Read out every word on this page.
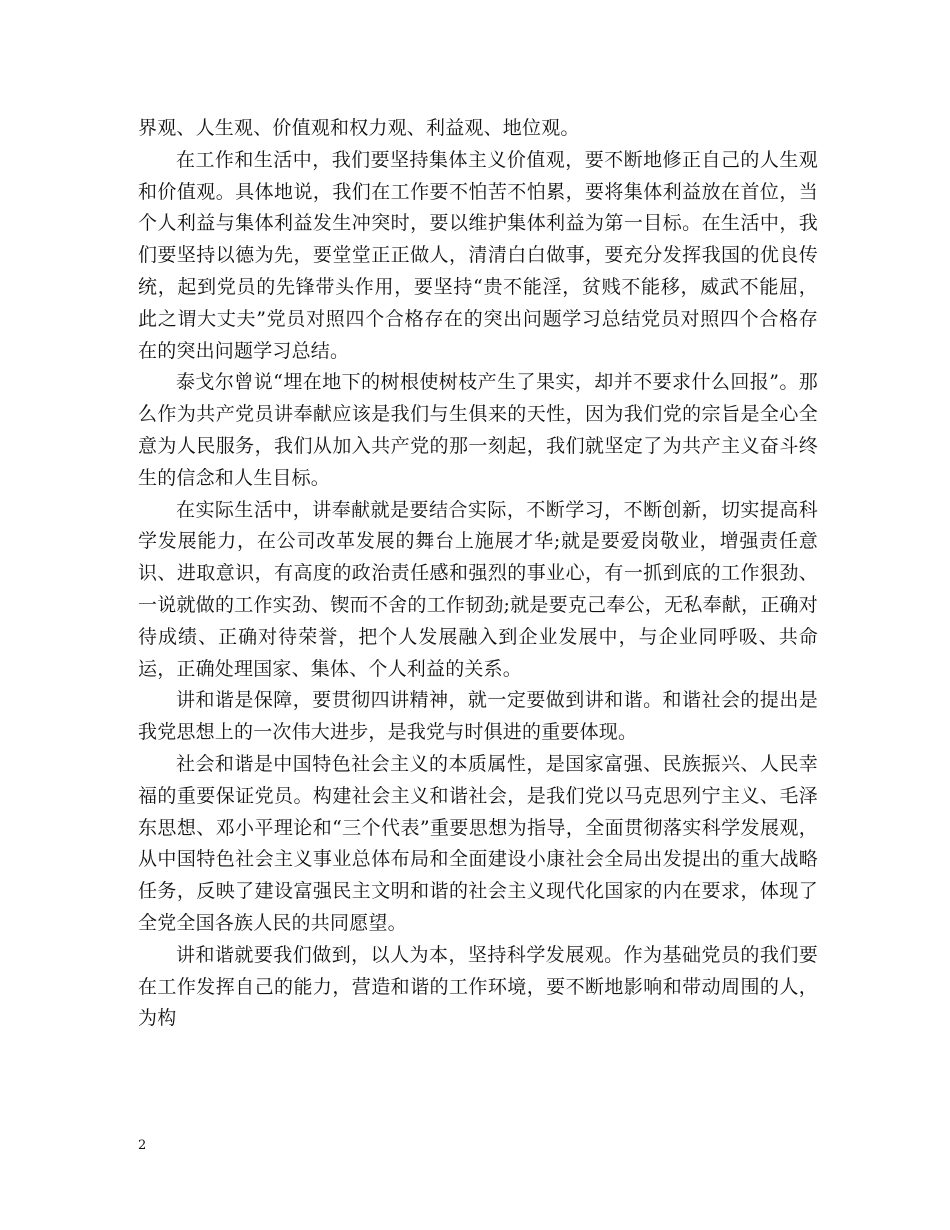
界观、人生观、价值观和权力观、利益观、地位观。

在工作和生活中，我们要坚持集体主义价值观，要不断地修正自己的人生观和价值观。具体地说，我们在工作要不怕苦不怕累，要将集体利益放在首位，当个人利益与集体利益发生冲突时，要以维护集体利益为第一目标。在生活中，我们要坚持以德为先，要堂堂正正做人，清清白白做事，要充分发挥我国的优良传统，起到党员的先锋带头作用，要坚持“贵不能淫，贫贱不能移，威武不能屈，此之谓大丈夫”党员对照四个合格存在的突出问题学习总结党员对照四个合格存在的突出问题学习总结。

泰戈尔曾说“埋在地下的树根使树枝产生了果实，却并不要求什么回报”。那么作为共产党员讲奉献应该是我们与生俱来的天性，因为我们党的宗旨是全心全意为人民服务，我们从加入共产党的那一刻起，我们就坚定了为共产主义奋斗终生的信念和人生目标。

在实际生活中，讲奉献就是要结合实际，不断学习，不断创新，切实提高科学发展能力，在公司改革发展的舞台上施展才华;就是要爱岗敬业，增强责任意识、进取意识，有高度的政治责任感和强烈的事业心，有一抓到底的工作狠劲、一说就做的工作实劲、锲而不舍的工作韧劲;就是要克己奉公，无私奉献，正确对待成绩、正确对待荣誉，把个人发展融入到企业发展中，与企业同呼吸、共命运，正确处理国家、集体、个人利益的关系。

讲和谐是保障，要贯彻四讲精神，就一定要做到讲和谐。和谐社会的提出是我党思想上的一次伟大进步，是我党与时俱进的重要体现。

社会和谐是中国特色社会主义的本质属性，是国家富强、民族振兴、人民幸福的重要保证党员。构建社会主义和谐社会，是我们党以马克思列宁主义、毛泽东思想、邓小平理论和“三个代表”重要思想为指导，全面贯彻落实科学发展观，从中国特色社会主义事业总体布局和全面建设小康社会全局出发提出的重大战略任务，反映了建设富强民主文明和谐的社会主义现代化国家的内在要求，体现了全党全国各族人民的共同愿望。

讲和谐就要我们做到，以人为本，坚持科学发展观。作为基础党员的我们要在工作发挥自己的能力，营造和谐的工作环境，要不断地影响和带动周围的人，为构

2
